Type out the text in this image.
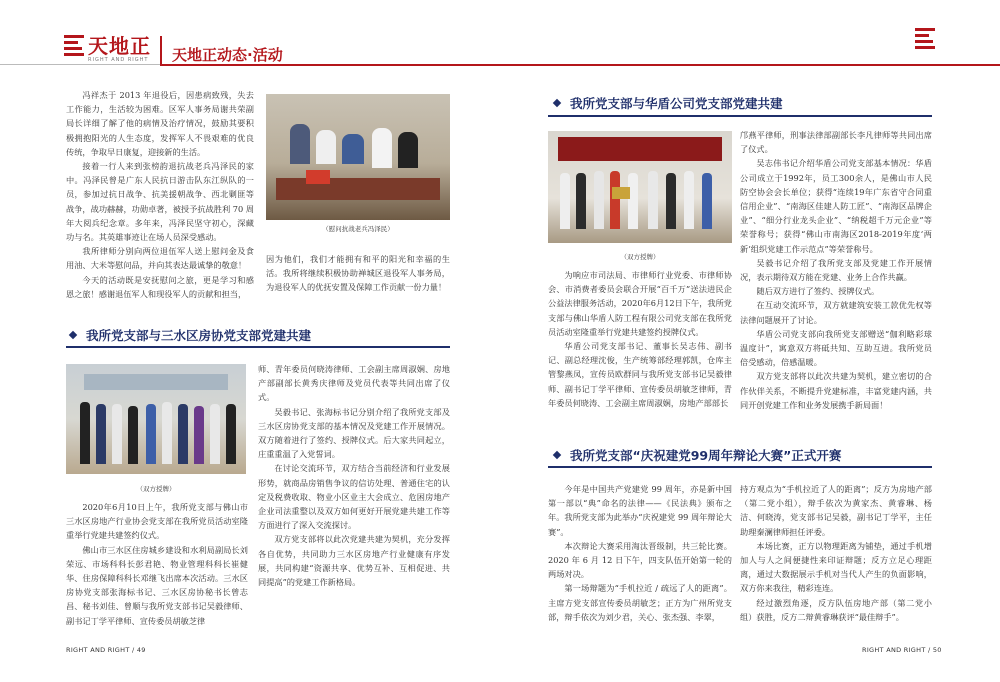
天地正
RIGHT AND RIGHT 天地正动态·活动

冯祥杰于 2013 年退役后，因患病致残，失去工作能力，生活较为困难。区军人事务局谢共荣副局长详细了解了他的病情及治疗情况，鼓励其要积极拥抱阳光的人生态度，发挥军人不畏艰难的优良传统，争取早日康复，迎接新的生活。

接着一行人来到张榜韵退抗战老兵冯泽民的家中。冯泽民曾是广东人民抗日游击队东江纵队的一员，参加过抗日战争、抗美援朝战争、西北剿匪等战争，战功赫赫，功勋卓著，被授予抗战胜利 70 周年大阅兵纪念章。多年来，冯泽民坚守初心，深藏功与名。其英雄事迹让在场人员深受感动。

我所律师分别向两位退伍军人送上慰问金及食用油、大米等慰问品，并向其表达最诚挚的敬意！

今天的活动既是安抚慰问之旅，更是学习和感恩之旅！感谢退伍军人和现役军人的贡献和担当，

（慰问抗战老兵冯泽民）

因为他们，我们才能拥有和平的阳光和幸福的生活。我所将继续积极协助禅城区退役军人事务局，为退役军人的优抚安置及保障工作贡献一份力量！

我所党支部与三水区房协党支部党建共建
（双方授牌）

2020年6月10日上午，我所党支部与佛山市三水区房地产行业协会党支部在我所党员活动室隆重举行党建共建签约仪式。

佛山市三水区住房城乡建设和水利局副局长刘荣远、市场科科长彭君艳、物业管理科科长崔健华、住房保障科科长邓继飞出席本次活动。三水区房协党支部张海标书记、三水区房协秘书长曾志昌、秘书刘佳、曾顺与我所党支部书记吴毅律师、副书记丁学平律师、宣传委员胡敏芝律

师、青年委员何晓涛律师、工会副主席周淑娴、房地产部副部长黄秀庆律师及党员代表等共同出席了仪式。

吴毅书记、张海标书记分别介绍了我所党支部及三水区房协党支部的基本情况及党建工作开展情况。双方随着进行了签约、授牌仪式。后大家共同起立，庄重重温了入党誓词。

在讨论交流环节，双方结合当前经济和行业发展形势，就商品房销售争议的信访处理、普通住宅的认定及税费收取、物业小区业主大会成立、危困房地产企业司法重整以及双方如何更好开展党建共建工作等方面进行了深入交流探讨。

双方党支部将以此次党建共建为契机，充分发挥各自优势，共同助力三水区房地产行业健康有序发展，共同构建“资源共享、优势互补、互相促进、共同提高”的党建工作新格局。

我所党支部与华盾公司党支部党建共建
（双方授牌）

为响应市司法局、市律师行业党委、市律师协会、市消费者委员会联合开展“百千万”送法进民企公益法律服务活动，2020年6月12日下午，我所党支部与佛山华盾人防工程有限公司党支部在我所党员活动室隆重举行党建共建签约授牌仪式。

华盾公司党支部书记、董事长吴志伟、副书记、副总经理沈俊，生产统筹部经理郭凯，仓库主管黎燕凤，宣传员欧群同与我所党支部书记吴毅律师、副书记丁学平律师、宣传委员胡敏芝律师，青年委员何晓涛、工会副主席周淑娴，房地产部部长

邝燕平律师，刑事法律部副部长李凡律师等共同出席了仪式。

吴志伟书记介绍华盾公司党支部基本情况：华盾公司成立于1992年，员工300余人，是佛山市人民防空协会会长单位；获得“连续19年广东省守合同重信用企业”、“南海区佳建人防工匠”、“南海区品牌企业”、“细分行业龙头企业”、“纳税超千万元企业”等荣誉称号；获得“佛山市南海区2018-2019年度‘两新’组织党建工作示范点”等荣誉称号。

吴毅书记介绍了我所党支部及党建工作开展情况，表示期待双方能在党建、业务上合作共赢。

随后双方进行了签约、授牌仪式。

在互动交流环节，双方就建筑安装工款优先权等法律问题展开了讨论。

华盾公司党支部向我所党支部赠送“伽利略彩球温度计”，寓意双方将砥共知、互助互进。我所党员倍受感动，倍感温暖。

双方党支部将以此次共建为契机，建立密切的合作伙伴关系，不断提升党建标准，丰富党建内涵，共同开创党建工作和业务发展携手新局面！

我所党支部“庆祝建党99周年辩论大赛”正式开赛

今年是中国共产党建党 99 周年，亦是新中国第一部以“典”命名的法律——《民法典》颁布之年。我所党支部为此举办“庆祝建党 99 周年辩论大赛”。

本次辩论大赛采用淘汰晋级制，共三轮比赛。2020 年 6 月 12 日下午，四支队伍开始第一轮的两场对决。

第一场辩题为“手机拉近 / 疏远了人的距离”。主席方党支部宣传委员胡敏芝；正方为广州所党支部，辩手依次为刘少君，关心、张杰强、李翠，

持方观点为“手机拉近了人的距离”；反方为房地产部（第二党小组），辩手依次为黄家杰、黄睿琳、杨洁、何晓涛，党支部书记吴毅，副书记丁学平，主任助理秦澜律师担任评委。

本场比赛，正方以物理距离为铺垫，通过手机增加人与人之间便捷性来印证辩题；反方立足心理距离，通过大数据展示手机对当代人产生的负面影响，双方你来我往，精彩连连。

经过激烈角逐，反方队伍房地产部（第二党小组）获胜，反方二辩黄睿琳获评“最佳辩手”。

RIGHT AND RIGHT / 49	RIGHT AND RIGHT / 50
